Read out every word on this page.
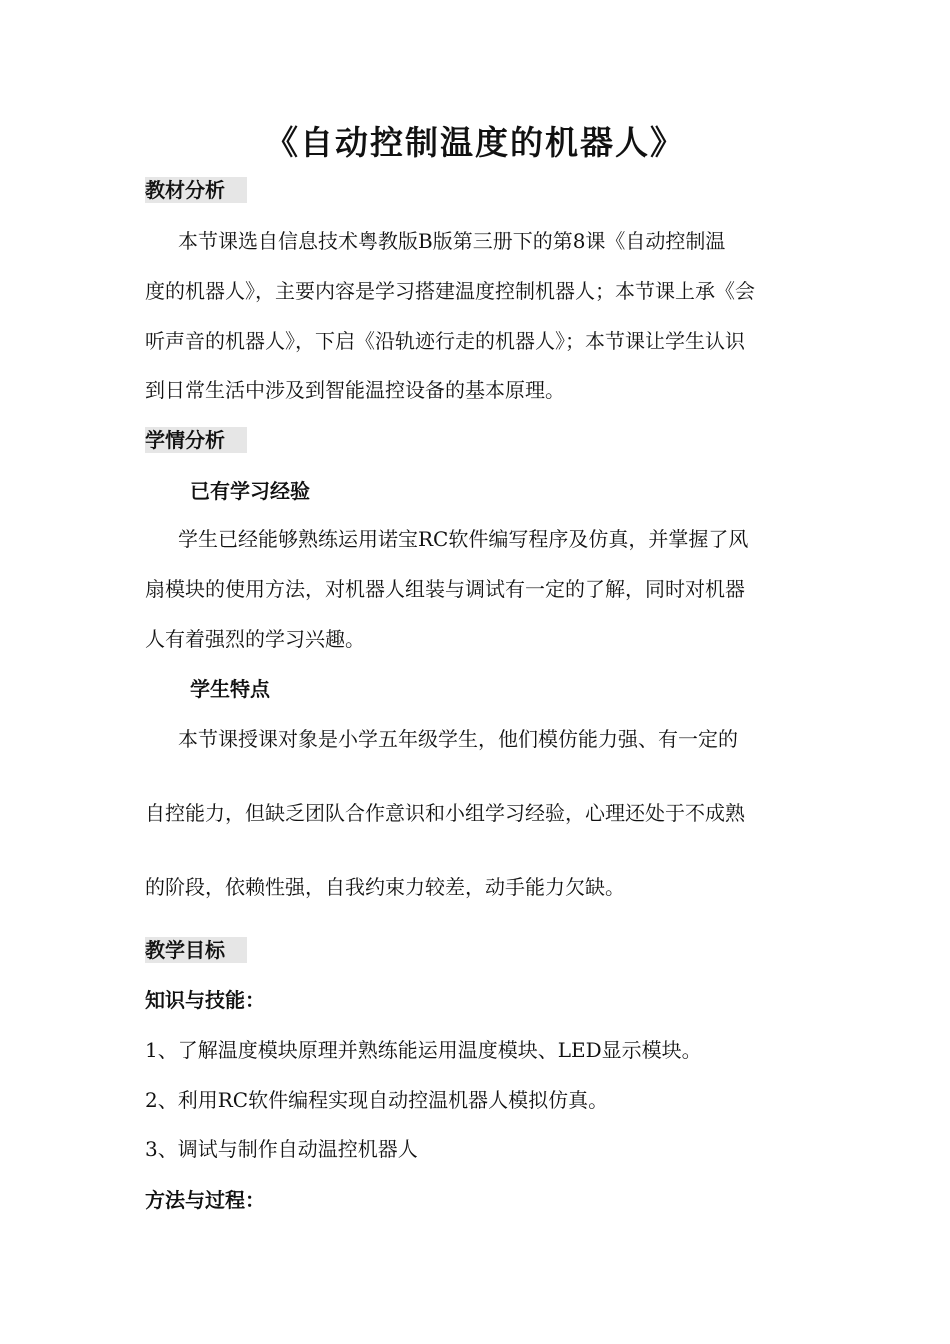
《自动控制温度的机器人》
教材分析
本节课选自信息技术粤教版B版第三册下的第8课《自动控制温
度的机器人》，主要内容是学习搭建温度控制机器人；本节课上承《会
听声音的机器人》，下启《沿轨迹行走的机器人》；本节课让学生认识
到日常生活中涉及到智能温控设备的基本原理。
学情分析
已有学习经验
学生已经能够熟练运用诺宝RC软件编写程序及仿真，并掌握了风
扇模块的使用方法，对机器人组装与调试有一定的了解，同时对机器
人有着强烈的学习兴趣。
学生特点
本节课授课对象是小学五年级学生，他们模仿能力强、有一定的
自控能力，但缺乏团队合作意识和小组学习经验，心理还处于不成熟
的阶段，依赖性强，自我约束力较差，动手能力欠缺。
教学目标
知识与技能：
1、了解温度模块原理并熟练能运用温度模块、LED显示模块。
2、利用RC软件编程实现自动控温机器人模拟仿真。
3、调试与制作自动温控机器人
方法与过程：
